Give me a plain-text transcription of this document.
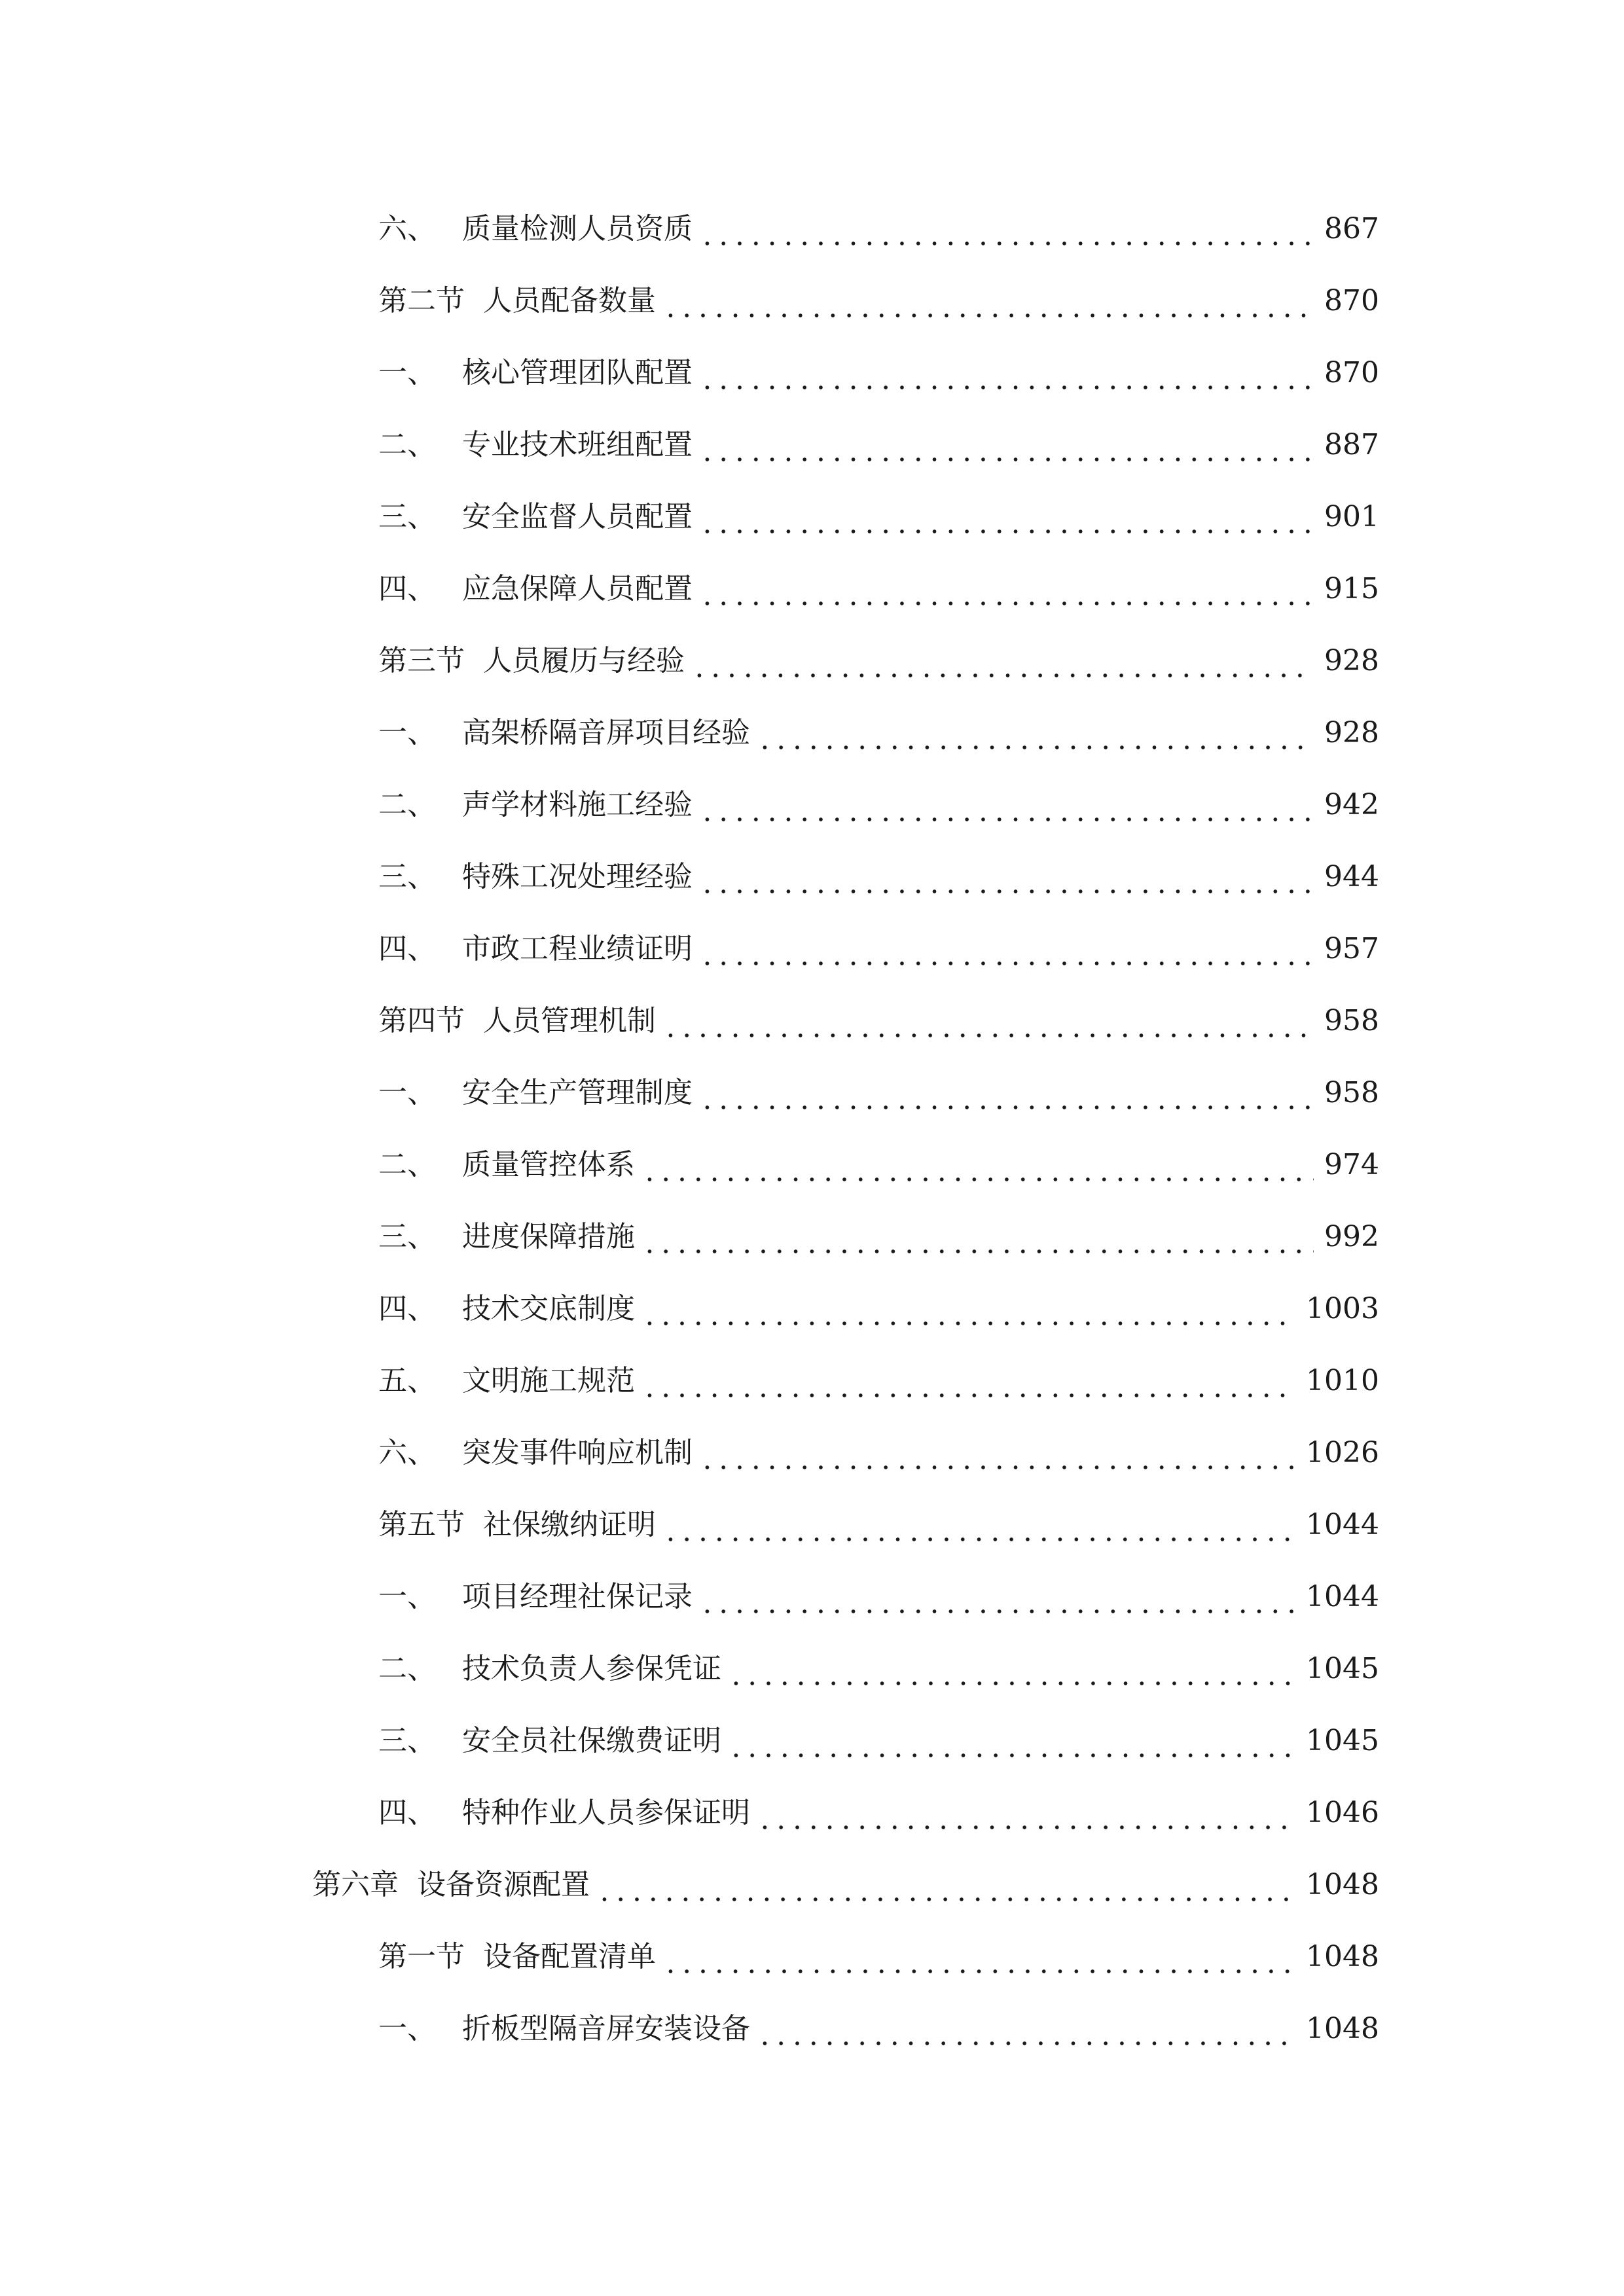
六、 质量检测人员资质	867
第二节 人员配备数量	870
一、 核心管理团队配置	870
二、 专业技术班组配置	887
三、 安全监督人员配置	901
四、 应急保障人员配置	915
第三节 人员履历与经验	928
一、 高架桥隔音屏项目经验	928
二、 声学材料施工经验	942
三、 特殊工况处理经验	944
四、 市政工程业绩证明	957
第四节 人员管理机制	958
一、 安全生产管理制度	958
二、 质量管控体系	974
三、 进度保障措施	992
四、 技术交底制度	1003
五、 文明施工规范	1010
六、 突发事件响应机制	1026
第五节 社保缴纳证明	1044
一、 项目经理社保记录	1044
二、 技术负责人参保凭证	1045
三、 安全员社保缴费证明	1045
四、 特种作业人员参保证明	1046
第六章 设备资源配置	1048
第一节 设备配置清单	1048
一、 折板型隔音屏安装设备	1048
